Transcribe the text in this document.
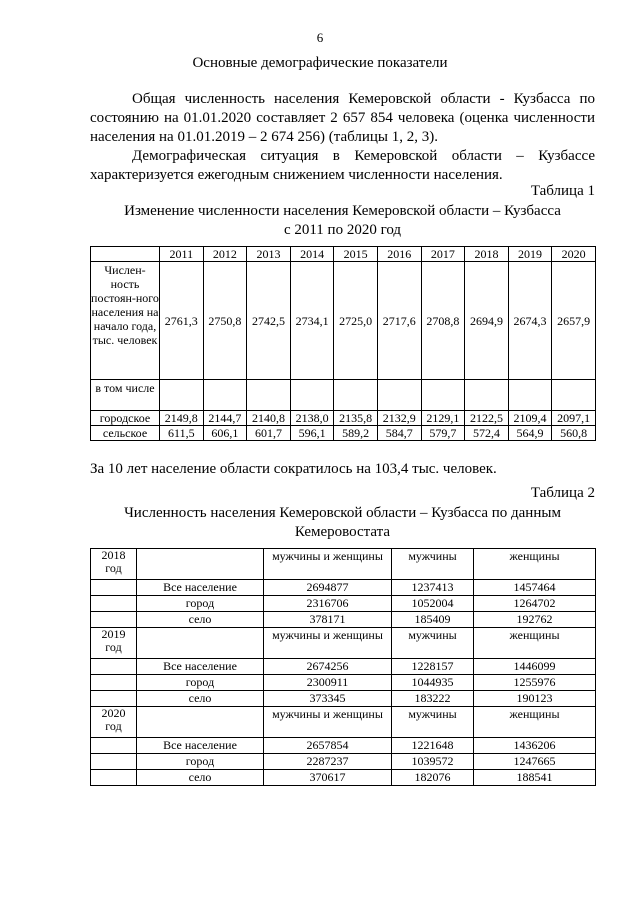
6
Основные демографические показатели
Общая численность населения Кемеровской области - Кузбасса по состоянию на 01.01.2020 составляет 2 657 854 человека (оценка численности населения на 01.01.2019 – 2 674 256) (таблицы 1, 2, 3).
Демографическая ситуация в Кемеровской области – Кузбассе характеризуется ежегодным снижением численности населения.
Таблица 1
Изменение численности населения Кемеровской области – Кузбасса
с 2011 по 2020 год
	2011	2012	2013	2014	2015	2016	2017	2018	2019	2020
Числен-ность постоян-ного населения на начало года, тыс. человек	2761,3	2750,8	2742,5	2734,1	2725,0	2717,6	2708,8	2694,9	2674,3	2657,9
в том числе										
городское	2149,8	2144,7	2140,8	2138,0	2135,8	2132,9	2129,1	2122,5	2109,4	2097,1
сельское	611,5	606,1	601,7	596,1	589,2	584,7	579,7	572,4	564,9	560,8
За 10 лет население области сократилось на 103,4 тыс. человек.
Таблица 2
Численность населения Кемеровской области – Кузбасса по данным
Кемеровостата
2018
год		мужчины и женщины	мужчины	женщины
	Все население	2694877	1237413	1457464
	город	2316706	1052004	1264702
	село	378171	185409	192762

2019
год		мужчины и женщины	мужчины	женщины
	Все население	2674256	1228157	1446099
	город	2300911	1044935	1255976
	село	373345	183222	190123

2020
год		мужчины и женщины	мужчины	женщины
	Все население	2657854	1221648	1436206
	город	2287237	1039572	1247665
	село	370617	182076	188541
